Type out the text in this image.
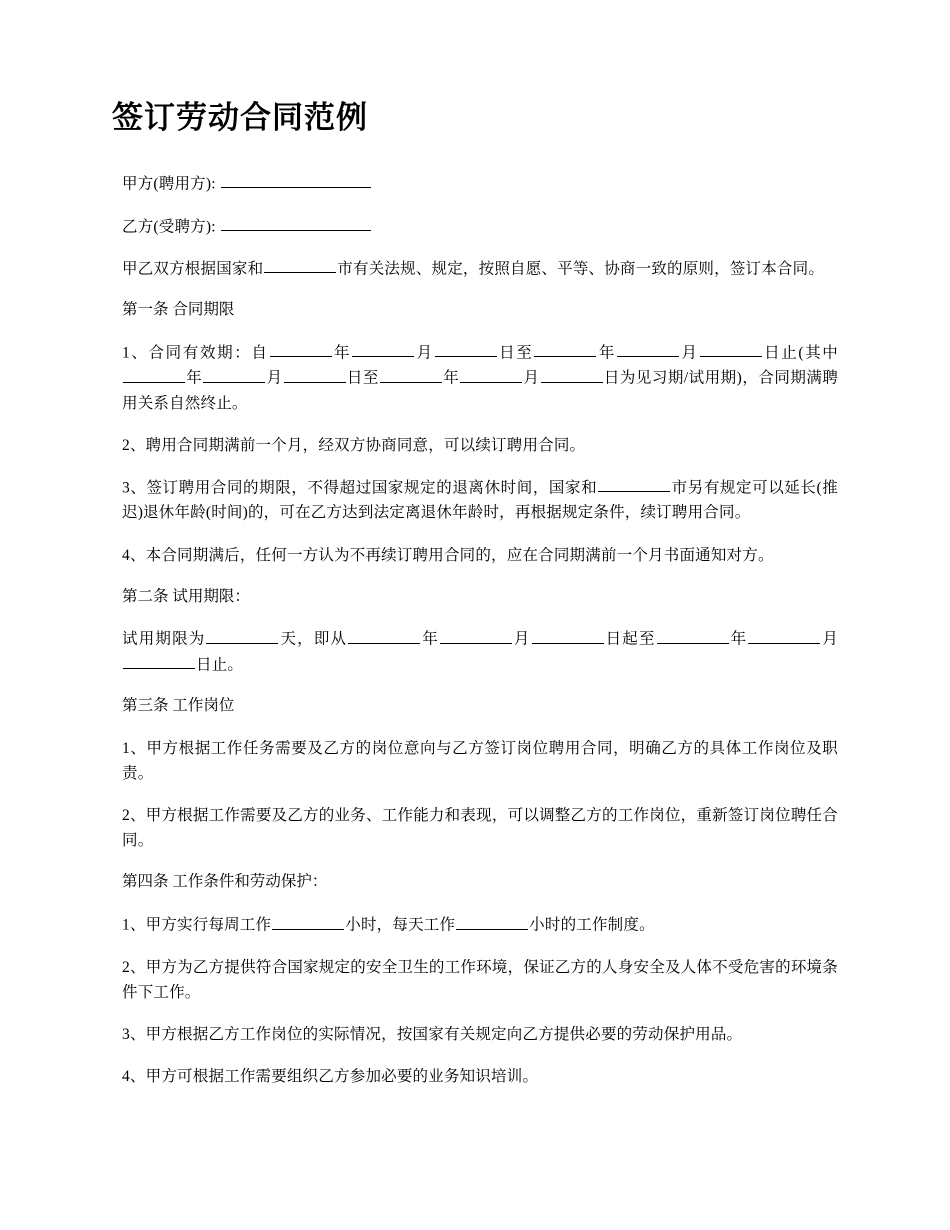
签订劳动合同范例

甲方(聘用方):

乙方(受聘方):

甲乙双方根据国家和	市有关法规、规定，按照自愿、平等、协商一致的原则，签订本合同。

第一条 合同期限

1、合同有效期：自	年	月	日至	年	月	日止(其中年	月	日至	年	月	日为见习期/试用期)，合同期满聘用关系自然终止。

2、聘用合同期满前一个月，经双方协商同意，可以续订聘用合同。

3、签订聘用合同的期限，不得超过国家规定的退离休时间，国家和	市另有规定可以延长(推迟)退休年龄(时间)的，可在乙方达到法定离退休年龄时，再根据规定条件，续订聘用合同。

4、本合同期满后，任何一方认为不再续订聘用合同的，应在合同期满前一个月书面通知对方。

第二条 试用期限：

试用期限为	天，即从	年	月	日起至	年	月日止。

第三条 工作岗位

1、甲方根据工作任务需要及乙方的岗位意向与乙方签订岗位聘用合同，明确乙方的具体工作岗位及职责。

2、甲方根据工作需要及乙方的业务、工作能力和表现，可以调整乙方的工作岗位，重新签订岗位聘任合同。

第四条 工作条件和劳动保护：

1、甲方实行每周工作	小时，每天工作	小时的工作制度。

2、甲方为乙方提供符合国家规定的安全卫生的工作环境，保证乙方的人身安全及人体不受危害的环境条件下工作。

3、甲方根据乙方工作岗位的实际情况，按国家有关规定向乙方提供必要的劳动保护用品。

4、甲方可根据工作需要组织乙方参加必要的业务知识培训。
